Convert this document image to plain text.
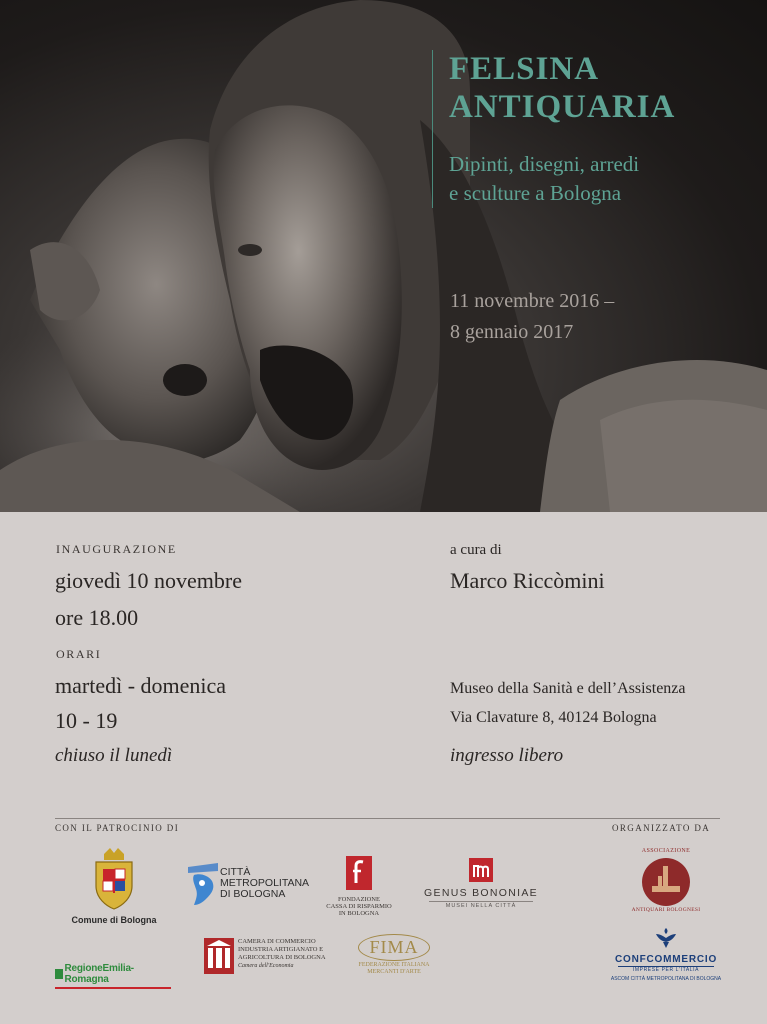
FELSINA
ANTIQUARIA
Dipinti, disegni, arredi
e sculture a Bologna
11 novembre 2016 –
8 gennaio 2017
INAUGURAZIONE
giovedì 10 novembre
ore 18.00
ORARI
martedì - domenica
10 - 19
chiuso il lunedì
a cura di
Marco Riccòmini
Museo della Sanità e dell’Assistenza
Via Clavature 8, 40124 Bologna
ingresso libero
CON IL PATROCINIO DI	ORGANIZZATO DA
Comune di Bologna
CITTÀ
METROPOLITANA
DI BOLOGNA	FONDAZIONE
CASSA DI RISPARMIO
IN BOLOGNA
GENUS BONONIAE
MUSEI NELLA CITTÀ
ASSOCIAZIONE
ANTIQUARI BOLOGNESI
RegioneEmilia-Romagna
CAMERA DI COMMERCIO
INDUSTRIA ARTIGIANATO E
AGRICOLTURA DI BOLOGNA
Camera dell'Economia
FIMA
FEDERAZIONE ITALIANA
MERCANTI D'ARTE
CONFCOMMERCIO
IMPRESE PER L'ITALIA
ASCOM CITTÀ METROPOLITANA DI BOLOGNA
